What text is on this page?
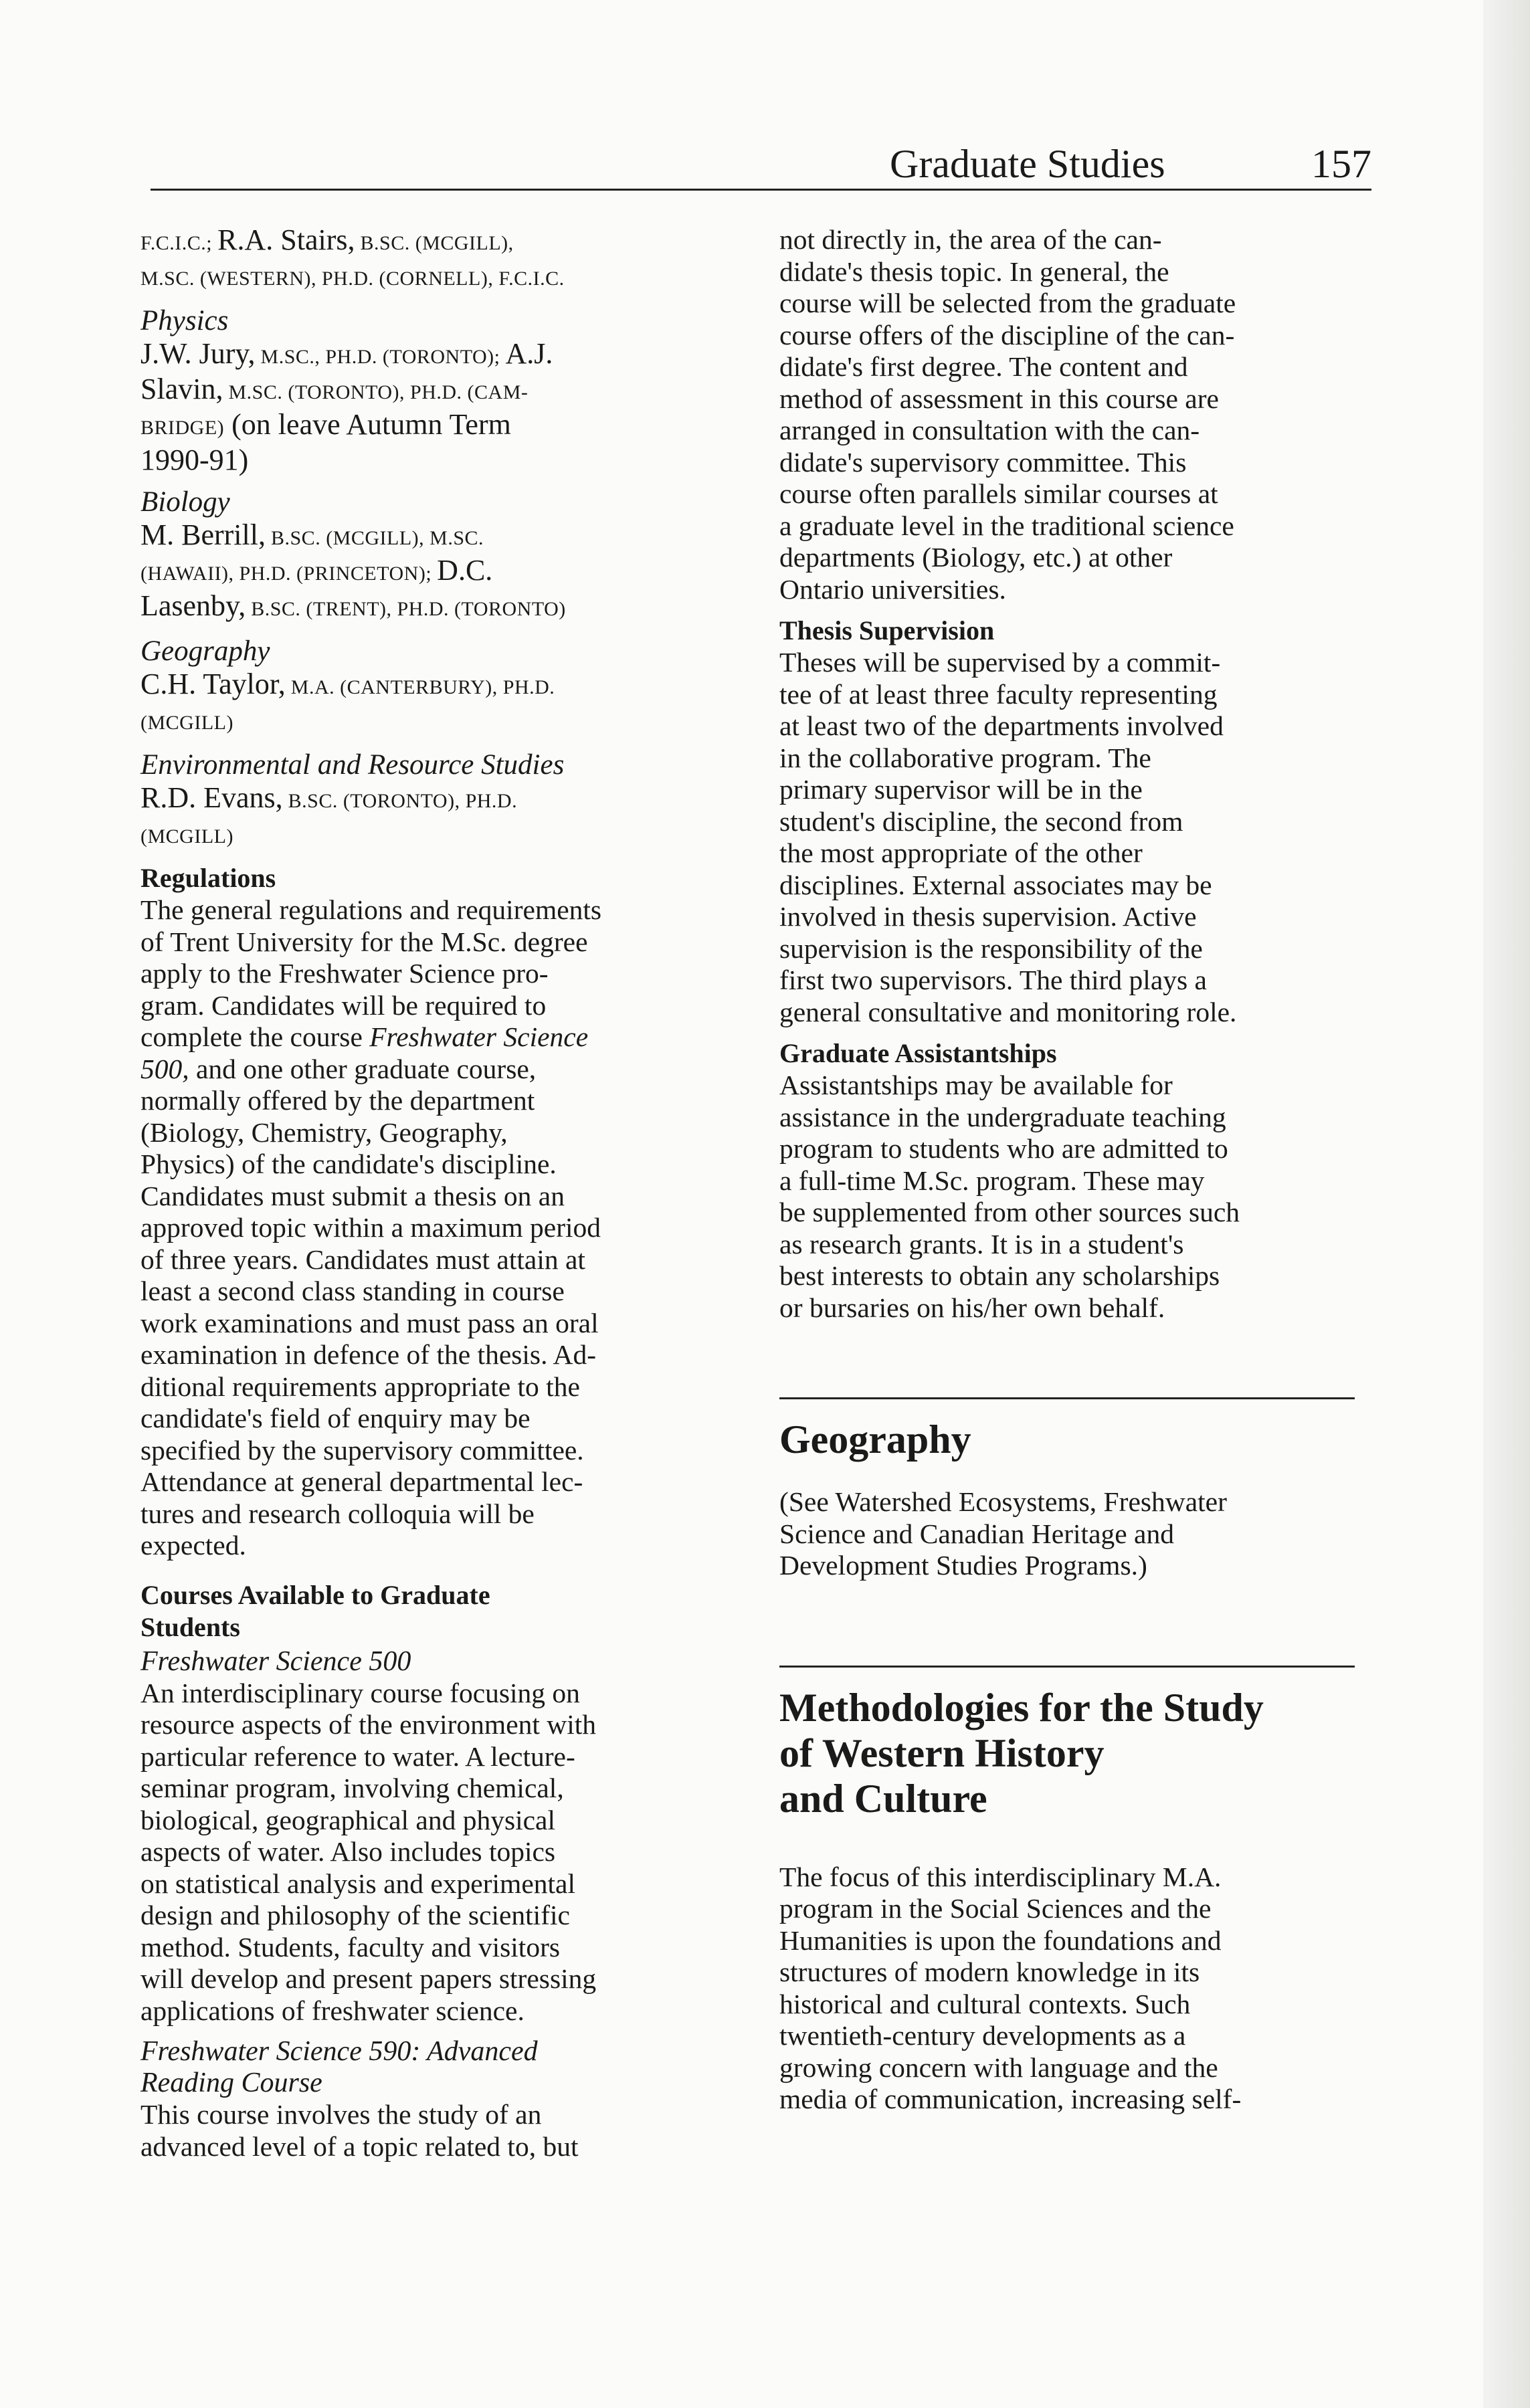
Graduate Studies	157
F.C.I.C.; R.A. Stairs, B.SC. (MCGILL),
M.SC. (WESTERN), PH.D. (CORNELL), F.C.I.C.
Physics
J.W. Jury, M.SC., PH.D. (TORONTO); A.J.
Slavin, M.SC. (TORONTO), PH.D. (CAM-
BRIDGE) (on leave Autumn Term
1990-91)
Biology
M. Berrill, B.SC. (MCGILL), M.SC.
(HAWAII), PH.D. (PRINCETON); D.C.
Lasenby, B.SC. (TRENT), PH.D. (TORONTO)
Geography
C.H. Taylor, M.A. (CANTERBURY), PH.D.
(MCGILL)
Environmental and Resource Studies
R.D. Evans, B.SC. (TORONTO), PH.D.
(MCGILL)
Regulations
The general regulations and requirements
of Trent University for the M.Sc. degree
apply to the Freshwater Science pro-
gram. Candidates will be required to
complete the course Freshwater Science
500, and one other graduate course,
normally offered by the department
(Biology, Chemistry, Geography,
Physics) of the candidate's discipline.
Candidates must submit a thesis on an
approved topic within a maximum period
of three years. Candidates must attain at
least a second class standing in course
work examinations and must pass an oral
examination in defence of the thesis. Ad-
ditional requirements appropriate to the
candidate's field of enquiry may be
specified by the supervisory committee.
Attendance at general departmental lec-
tures and research colloquia will be
expected.
Courses Available to Graduate
Students
Freshwater Science 500
An interdisciplinary course focusing on
resource aspects of the environment with
particular reference to water. A lecture-
seminar program, involving chemical,
biological, geographical and physical
aspects of water. Also includes topics
on statistical analysis and experimental
design and philosophy of the scientific
method. Students, faculty and visitors
will develop and present papers stressing
applications of freshwater science.
Freshwater Science 590: Advanced
Reading Course
This course involves the study of an
advanced level of a topic related to, but
not directly in, the area of the can-
didate's thesis topic. In general, the
course will be selected from the graduate
course offers of the discipline of the can-
didate's first degree. The content and
method of assessment in this course are
arranged in consultation with the can-
didate's supervisory committee. This
course often parallels similar courses at
a graduate level in the traditional science
departments (Biology, etc.) at other
Ontario universities.
Thesis Supervision
Theses will be supervised by a commit-
tee of at least three faculty representing
at least two of the departments involved
in the collaborative program. The
primary supervisor will be in the
student's discipline, the second from
the most appropriate of the other
disciplines. External associates may be
involved in thesis supervision. Active
supervision is the responsibility of the
first two supervisors. The third plays a
general consultative and monitoring role.
Graduate Assistantships
Assistantships may be available for
assistance in the undergraduate teaching
program to students who are admitted to
a full-time M.Sc. program. These may
be supplemented from other sources such
as research grants. It is in a student's
best interests to obtain any scholarships
or bursaries on his/her own behalf.
Geography
(See Watershed Ecosystems, Freshwater
Science and Canadian Heritage and
Development Studies Programs.)
Methodologies for the Study
of Western History
and Culture
The focus of this interdisciplinary M.A.
program in the Social Sciences and the
Humanities is upon the foundations and
structures of modern knowledge in its
historical and cultural contexts. Such
twentieth-century developments as a
growing concern with language and the
media of communication, increasing self-
